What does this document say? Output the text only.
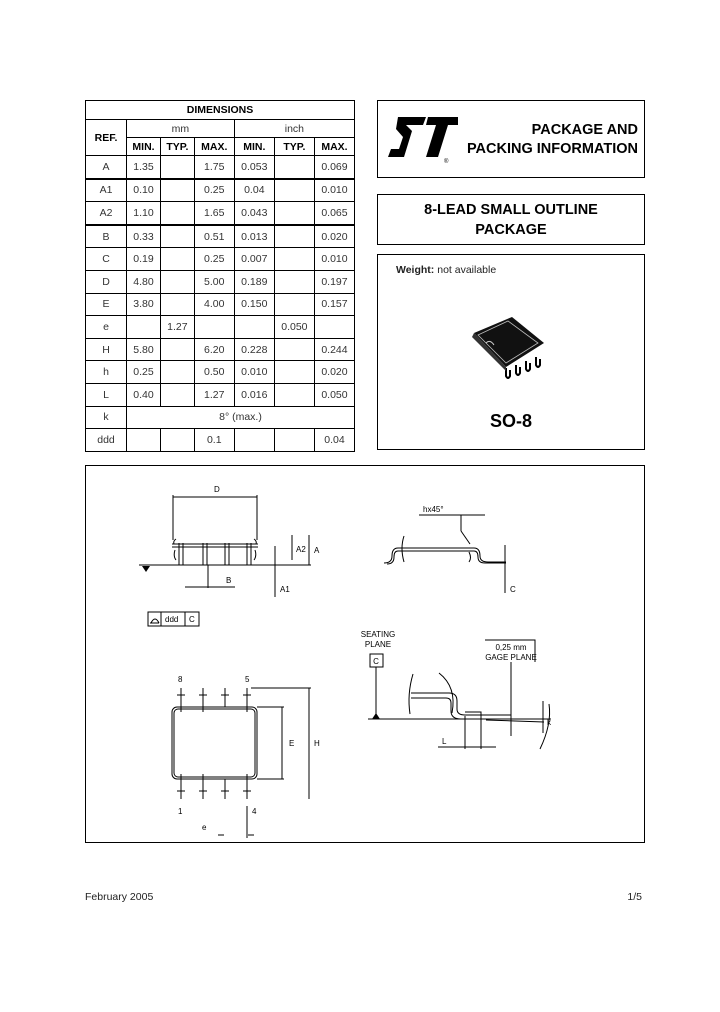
DIMENSIONS						
REF.	mm			inch		
	MIN.	TYP.	MAX.	MIN.	TYP.	MAX.
A	1.35		1.75	0.053		0.069
A1	0.10		0.25	0.04		0.010
A2	1.10		1.65	0.043		0.065
B	0.33		0.51	0.013		0.020
C	0.19		0.25	0.007		0.010
D	4.80		5.00	0.189		0.197
E	3.80		4.00	0.150		0.157
e		1.27			0.050	
H	5.80		6.20	0.228		0.244
h	0.25		0.50	0.010		0.020
L	0.40		1.27	0.016		0.050
k	8° (max.)					
ddd			0.1			0.04
®
PACKAGE AND
PACKING INFORMATION
8-LEAD SMALL OUTLINE
PACKAGE
Weight: not available
SO-8
D
A2 A
A1
B
ddd C
hx45°
C
SEATING
PLANE
C
0,25 mm
GAGE PLANE
L
k
8	5
1	4
E H
e
February 2005	1/5
